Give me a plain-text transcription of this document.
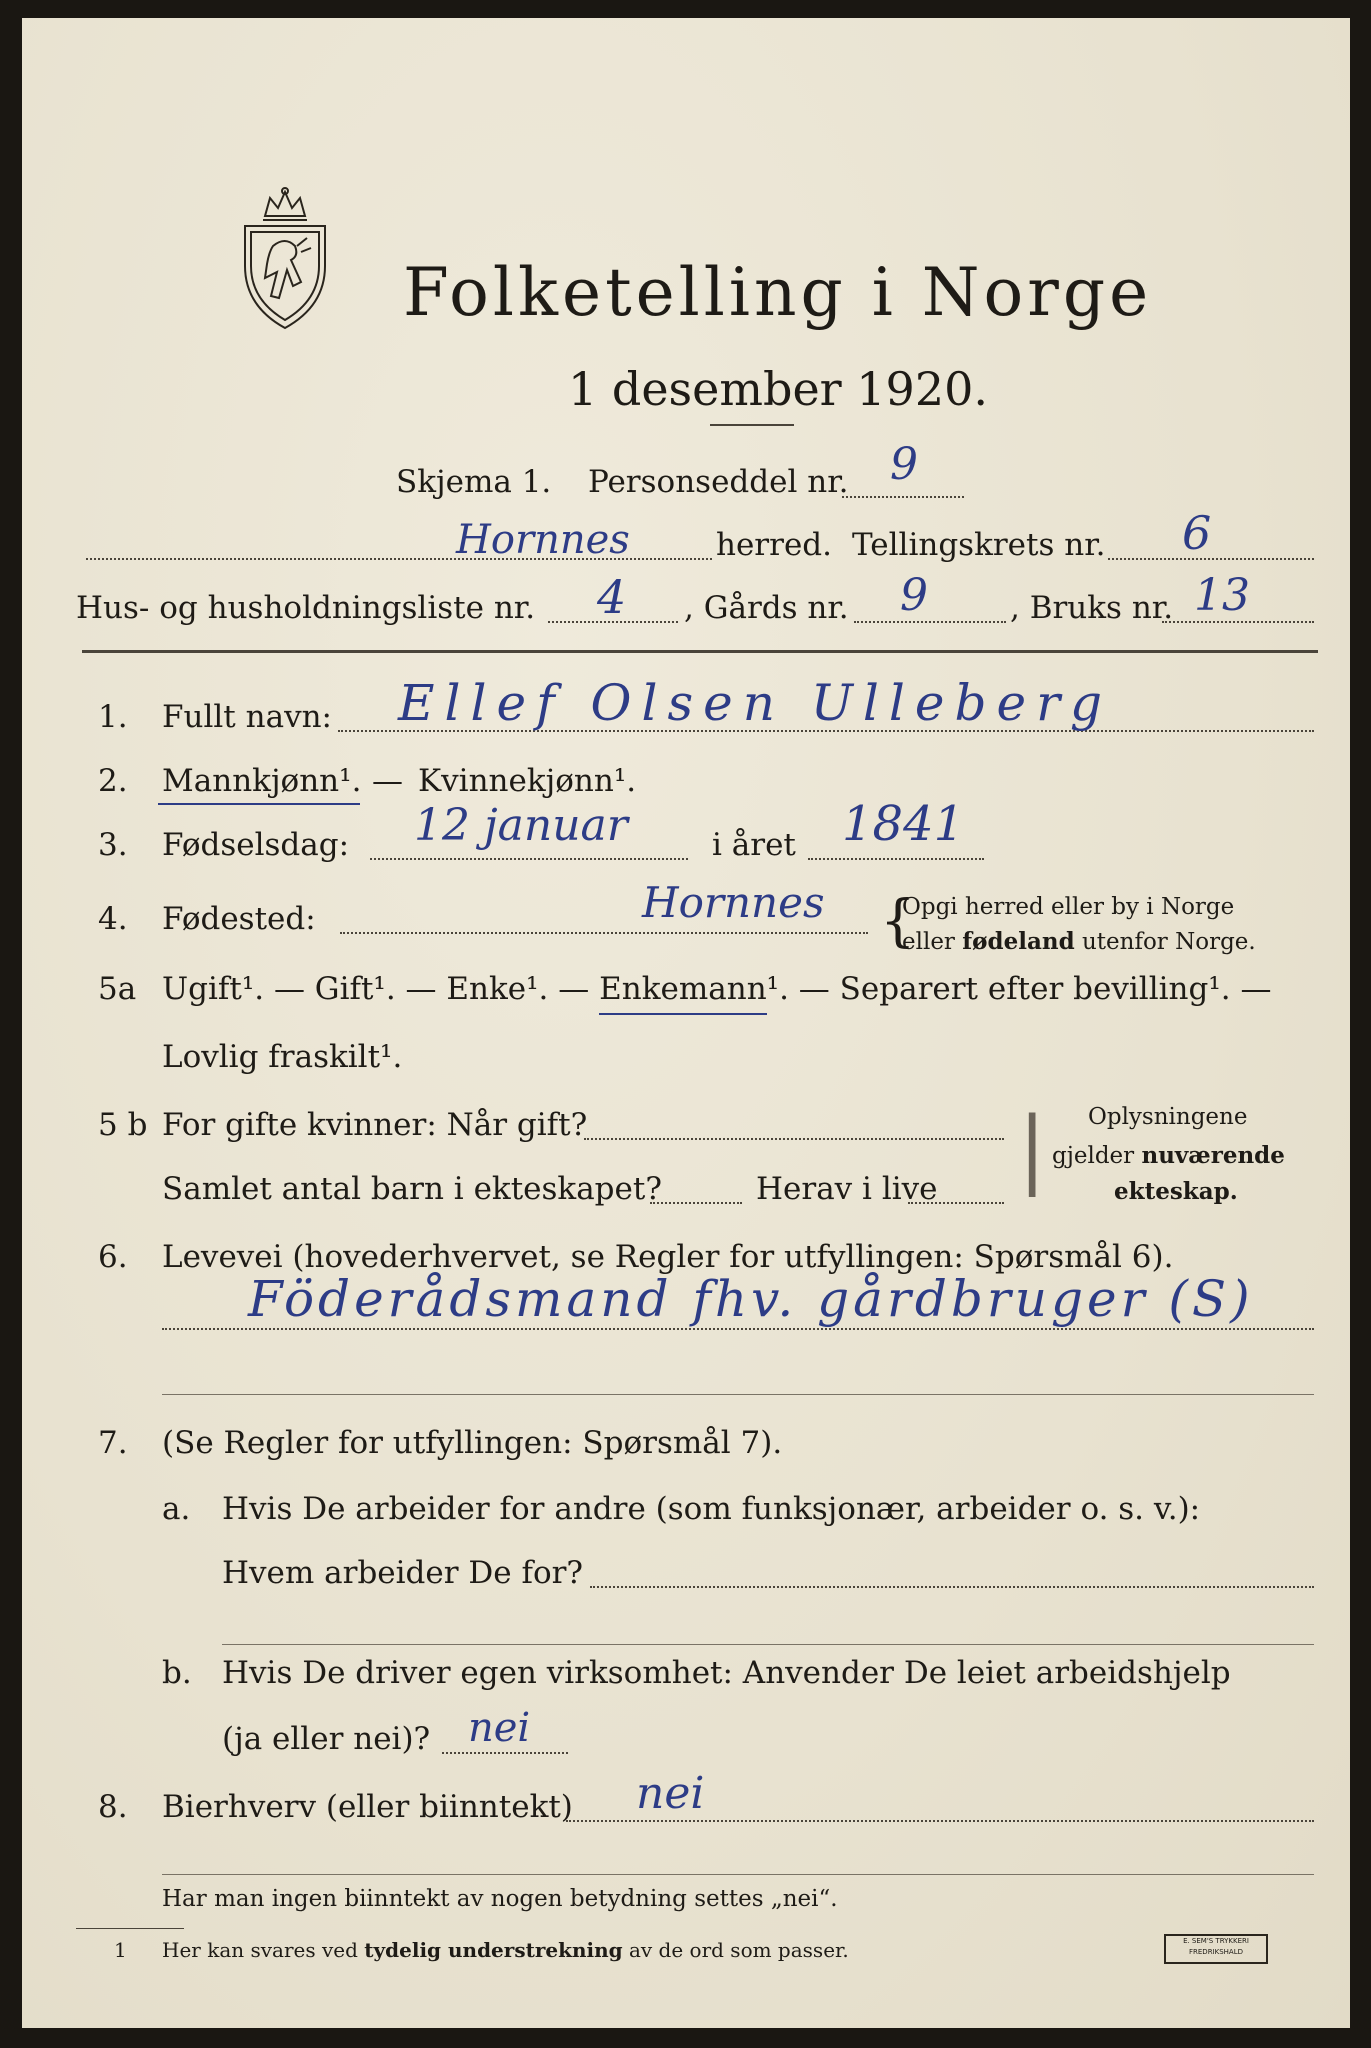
Folketelling i Norge
1 desember 1920.
Skjema 1. Personseddel nr. 9
Hornnes	herred. Tellingskrets nr. 6
Hus- og husholdningsliste nr. 4 , Gårds nr. 9	, Bruks nr. 13
1. Fullt navn: Ellef Olsen Ulleberg
2. Mannkjønn¹. — Kvinnekjønn¹.
3. Fødselsdag: 12 januar	i året 1841
4. Fødested:	Hornnes {
Opgi herred eller by i Norge
eller fødeland utenfor Norge.
5a Ugift¹. — Gift¹. — Enke¹. — Enkemann¹. — Separert efter bevilling¹. —
Lovlig fraskilt¹.
5 b For gifte kvinner: Når gift?
Samlet antal barn i ekteskapet?	Herav i live | Oplysningene
gjelder nuværende
ekteskap.
6. Levevei (hovederhvervet, se Regler for utfyllingen: Spørsmål 6).
Föderådsmand fhv. gårdbruger (S)
7. (Se Regler for utfyllingen: Spørsmål 7).
a. Hvis De arbeider for andre (som funksjonær, arbeider o. s. v.):
Hvem arbeider De for?
b. Hvis De driver egen virksomhet: Anvender De leiet arbeidshjelp
(ja eller nei)? nei
8. Bierhverv (eller biinntekt) nei
Har man ingen biinntekt av nogen betydning settes „nei“.
1 Her kan svares ved tydelig understrekning av de ord som passer.	E. SEM'S TRYKKERI FREDRIKSHALD
